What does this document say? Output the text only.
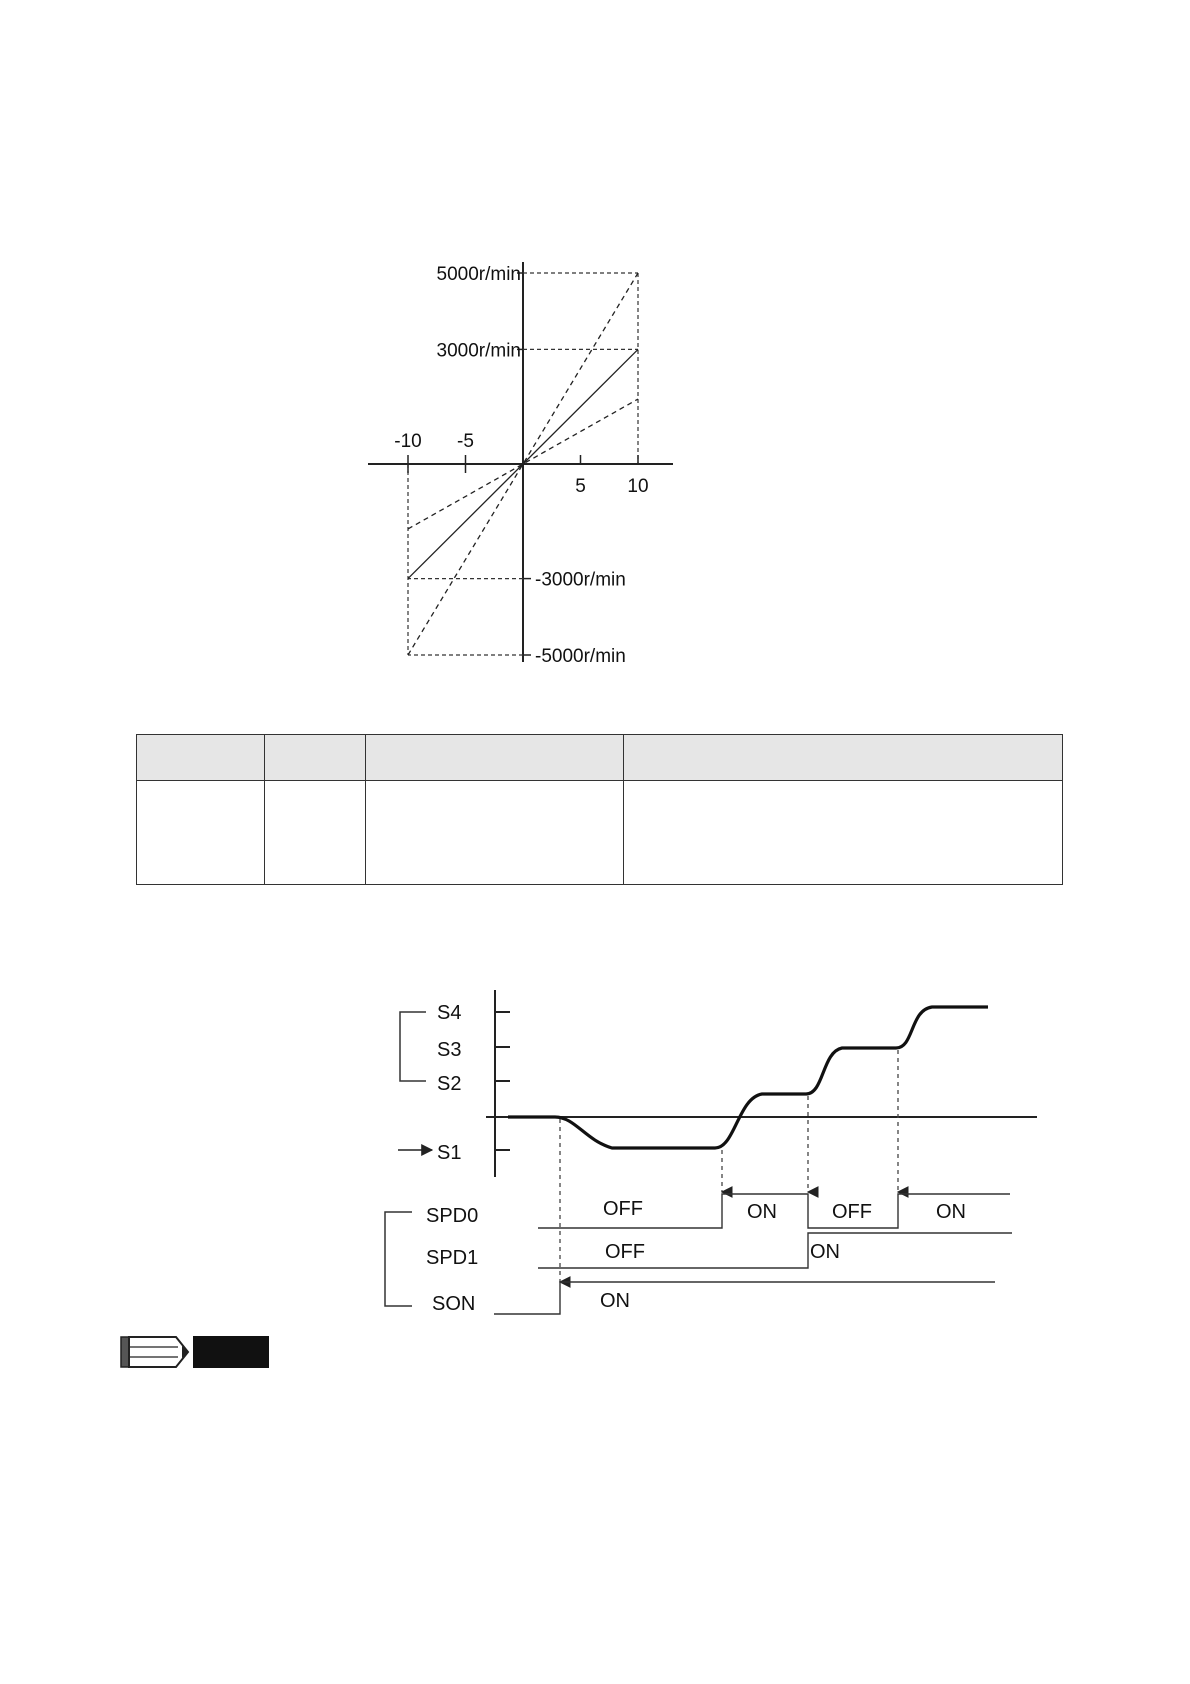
-10 -5
5 10
5000r/min
3000r/min
-3000r/min
-5000r/min

S4
S3
S2
S1
SPD0
SPD1
SON
OFF	ON	OFF	ON
OFF	ON
ON
